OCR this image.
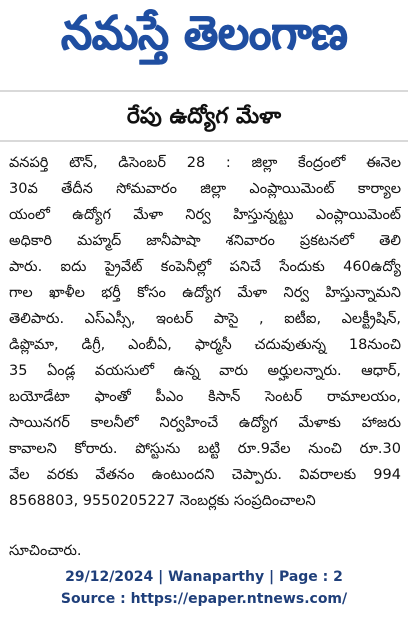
నమస్తే తెలంగాణ
రేపు ఉద్యోగ మేళా
వనపర్తి టౌన్, డిసెంబర్ 28 : జిల్లా కేంద్రంలో ఈనెల
30వ తేదీన సోమవారం జిల్లా ఎంప్లాయిమెంట్ కార్యాల
యంలో ఉద్యోగ మేళా నిర్వ హిస్తున్నట్టు ఎంప్లాయిమెంట్
అధికారి మహ్మద్ జానీపాషా శనివారం ప్రకటనలో తెలి
పారు. ఐదు ప్రైవేట్ కంపెనీల్లో పనిచే సేందుకు 460ఉద్యో
గాల ఖాళీల భర్తీ కోసం ఉద్యోగ మేళా నిర్వ హిస్తున్నామని
తెలిపారు. ఎస్ఎస్సీ, ఇంటర్ పాసై , ఐటీఐ, ఎలక్ట్రీషిన్,
డిప్లొమా, డిగ్రీ, ఎంబీఏ, ఫార్మసీ చదువుతున్న 18నుంచి
35 ఏండ్ల వయసులో ఉన్న వారు అర్హులన్నారు. ఆధార్,
బయోడేటా ఫాంతో పీఎం కిసాన్ సెంటర్ రామాలయం,
సాయినగర్ కాలనీలో నిర్వహించే ఉద్యోగ మేళాకు హాజరు
కావాలని కోరారు. పోస్టును బట్టి రూ.9వేల నుంచి రూ.30
వేల వరకు వేతనం ఉంటుందని చెప్పారు. వివరాలకు 994
8568803, 9550205227 నెంబర్లకు సంప్రదించాలని
సూచించారు.
29/12/2024 | Wanaparthy | Page : 2
Source : https://epaper.ntnews.com/
